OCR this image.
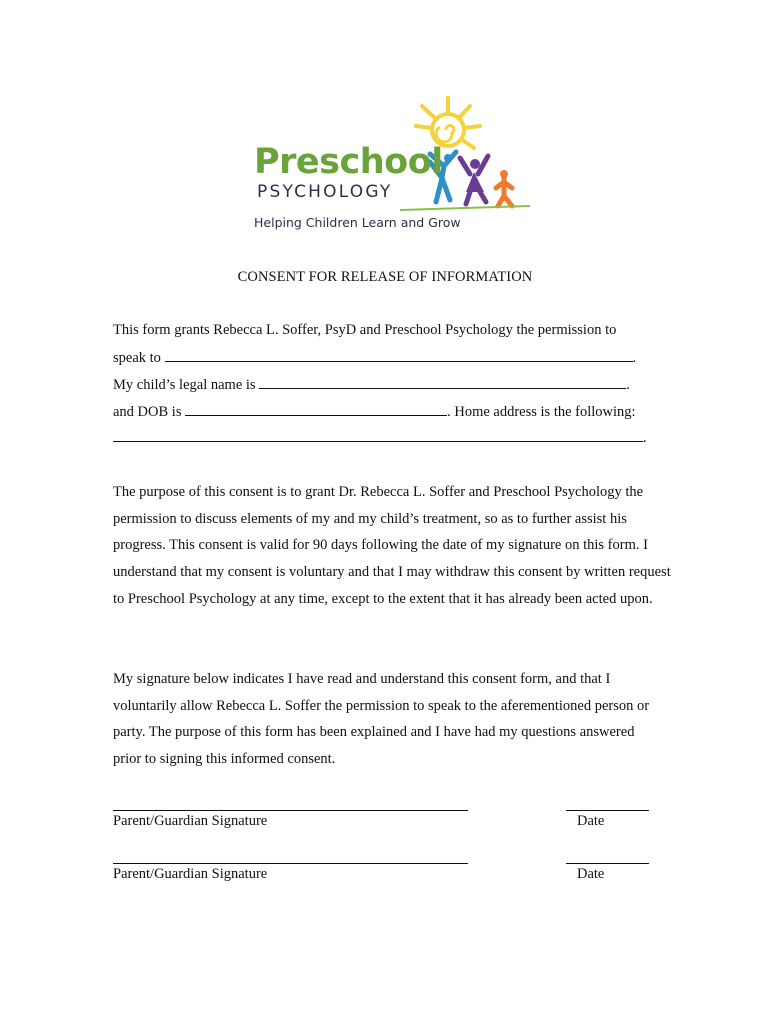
Preschool
PSYCHOLOGY
Helping Children Learn and Grow
CONSENT FOR RELEASE OF INFORMATION
This form grants Rebecca L. Soffer, PsyD and Preschool Psychology the permission to
speak to	.
My child’s legal name is	.
and DOB is	. Home address is the following:
.
The purpose of this consent is to grant Dr. Rebecca L. Soffer and Preschool Psychology the permission to discuss elements of my and my child’s treatment, so as to further assist his progress. This consent is valid for 90 days following the date of my signature on this form. I understand that my consent is voluntary and that I may withdraw this consent by written request to Preschool Psychology at any time, except to the extent that it has already been acted upon.
My signature below indicates I have read and understand this consent form, and that I voluntarily allow Rebecca L. Soffer the permission to speak to the aferementioned person or party. The purpose of this form has been explained and I have had my questions answered prior to signing this informed consent.
Parent/Guardian Signature	Date
Parent/Guardian Signature	Date
